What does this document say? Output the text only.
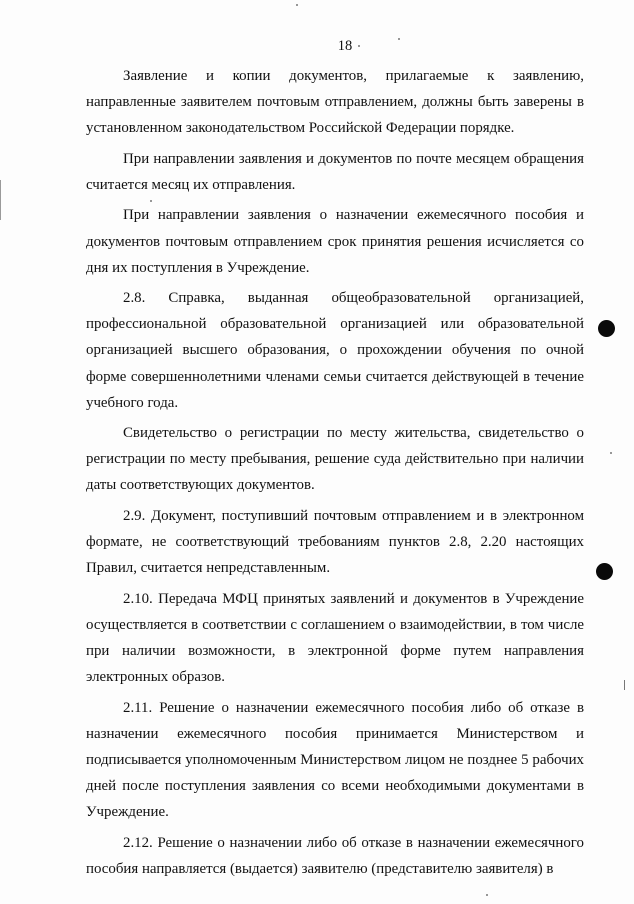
18

Заявление и копии документов, прилагаемые к заявлению, направленные заявителем почтовым отправлением, должны быть заверены в установленном законодательством Российской Федерации порядке.

При направлении заявления и документов по почте месяцем обращения считается месяц их отправления.

При направлении заявления о назначении ежемесячного пособия и документов почтовым отправлением срок принятия решения исчисляется со дня их поступления в Учреждение.

2.8. Справка, выданная общеобразовательной организацией, профессиональной образовательной организацией или образовательной организацией высшего образования, о прохождении обучения по очной форме совершеннолетними членами семьи считается действующей в течение учебного года.

Свидетельство о регистрации по месту жительства, свидетельство о регистрации по месту пребывания, решение суда действительно при наличии даты соответствующих документов.

2.9. Документ, поступивший почтовым отправлением и в электронном формате, не соответствующий требованиям пунктов 2.8, 2.20 настоящих Правил, считается непредставленным.

2.10. Передача МФЦ принятых заявлений и документов в Учреждение осуществляется в соответствии с соглашением о взаимодействии, в том числе при наличии возможности, в электронной форме путем направления электронных образов.

2.11. Решение о назначении ежемесячного пособия либо об отказе в назначении ежемесячного пособия принимается Министерством и подписывается уполномоченным Министерством лицом не позднее 5 рабочих дней после поступления заявления со всеми необходимыми документами в Учреждение.

2.12. Решение о назначении либо об отказе в назначении ежемесячного пособия направляется (выдается) заявителю (представителю заявителя) в
